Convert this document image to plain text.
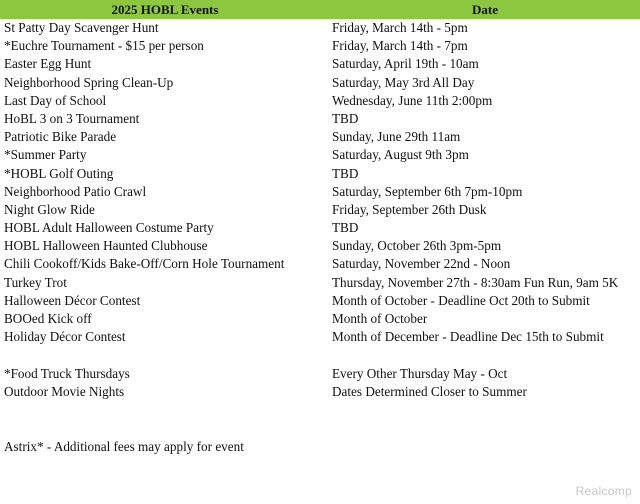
2025 HOBL Events	Date
St Patty Day Scavenger Hunt	Friday, March 14th - 5pm
*Euchre Tournament - $15 per person	Friday, March 14th - 7pm
Easter Egg Hunt	Saturday, April 19th - 10am
Neighborhood Spring Clean-Up	Saturday, May 3rd All Day
Last Day of School	Wednesday, June 11th 2:00pm
HoBL 3 on 3 Tournament	TBD
Patriotic Bike Parade	Sunday, June 29th 11am
*Summer Party	Saturday, August 9th 3pm
*HOBL Golf Outing	TBD
Neighborhood Patio Crawl	Saturday, September 6th 7pm-10pm
Night Glow Ride	Friday, September 26th Dusk
HOBL Adult Halloween Costume Party	TBD
HOBL Halloween Haunted Clubhouse	Sunday, October 26th 3pm-5pm
Chili Cookoff/Kids Bake-Off/Corn Hole Tournament	Saturday, November 22nd - Noon
Turkey Trot	Thursday, November 27th - 8:30am Fun Run, 9am 5K
Halloween Décor Contest	Month of October - Deadline Oct 20th to Submit
BOOed Kick off	Month of October
Holiday Décor Contest	Month of December - Deadline Dec 15th to Submit
*Food Truck Thursdays	Every Other Thursday May - Oct
Outdoor Movie Nights	Dates Determined Closer to Summer
Astrix* - Additional fees may apply for event
Realcomp
